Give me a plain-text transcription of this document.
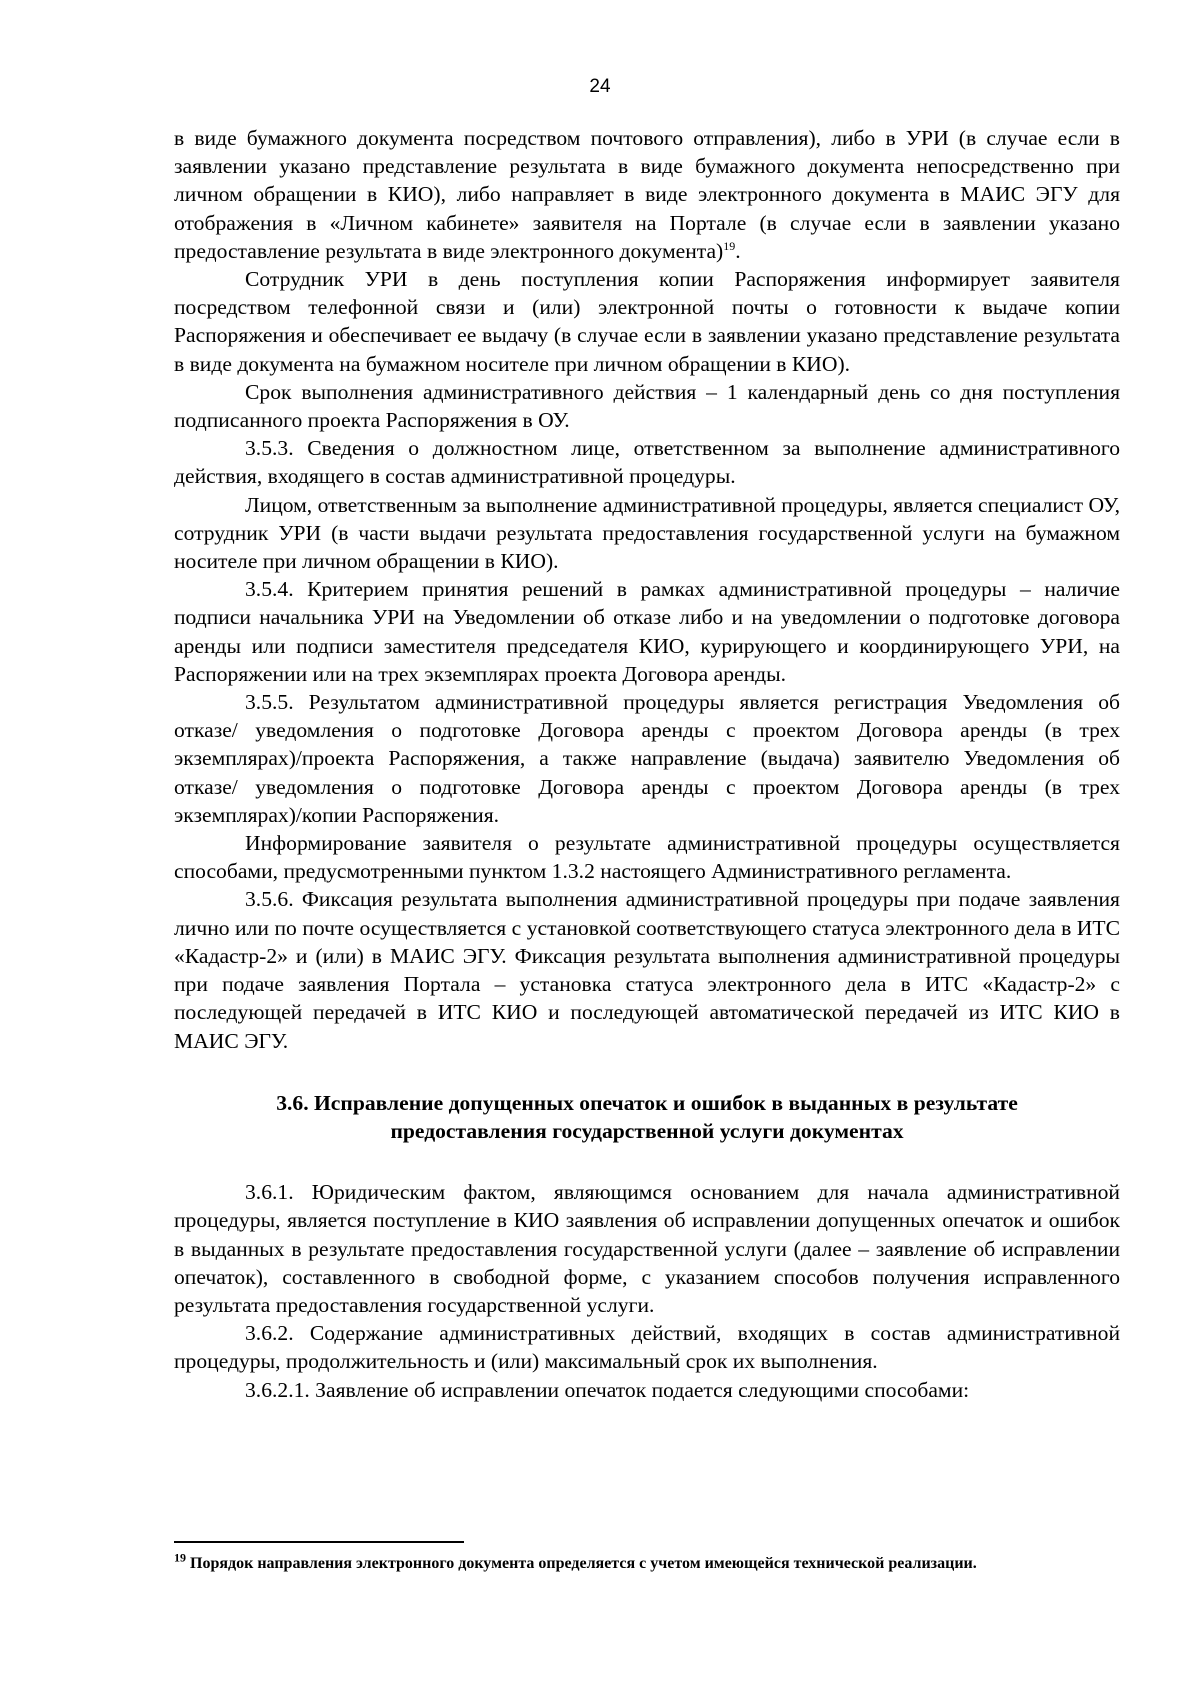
24

в виде бумажного документа посредством почтового отправления), либо в УРИ (в случае если в заявлении указано представление результата в виде бумажного документа непосредственно при личном обращении в КИО), либо направляет в виде электронного документа в МАИС ЭГУ для отображения в «Личном кабинете» заявителя на Портале (в случае если в заявлении указано предоставление результата в виде электронного документа)$^{19}$.

Сотрудник УРИ в день поступления копии Распоряжения информирует заявителя посредством телефонной связи и (или) электронной почты о готовности к выдаче копии Распоряжения и обеспечивает ее выдачу (в случае если в заявлении указано представление результата в виде документа на бумажном носителе при личном обращении в КИО).

Срок выполнения административного действия – 1 календарный день со дня поступления подписанного проекта Распоряжения в ОУ.

3.5.3. Сведения о должностном лице, ответственном за выполнение административного действия, входящего в состав административной процедуры.

Лицом, ответственным за выполнение административной процедуры, является специалист ОУ, сотрудник УРИ (в части выдачи результата предоставления государственной услуги на бумажном носителе при личном обращении в КИО).

3.5.4. Критерием принятия решений в рамках административной процедуры – наличие подписи начальника УРИ на Уведомлении об отказе либо и на уведомлении о подготовке договора аренды или подписи заместителя председателя КИО, курирующего и координирующего УРИ, на Распоряжении или на трех экземплярах проекта Договора аренды.

3.5.5. Результатом административной процедуры является регистрация Уведомления об отказе/ уведомления о подготовке Договора аренды с проектом Договора аренды (в трех экземплярах)/проекта Распоряжения, а также направление (выдача) заявителю Уведомления об отказе/ уведомления о подготовке Договора аренды с проектом Договора аренды (в трех экземплярах)/копии Распоряжения.

Информирование заявителя о результате административной процедуры осуществляется способами, предусмотренными пунктом 1.3.2 настоящего Административного регламента.

3.5.6. Фиксация результата выполнения административной процедуры при подаче заявления лично или по почте осуществляется с установкой соответствующего статуса электронного дела в ИТС «Кадастр-2» и (или) в МАИС ЭГУ. Фиксация результата выполнения административной процедуры при подаче заявления Портала – установка статуса электронного дела в ИТС «Кадастр-2» с последующей передачей в ИТС КИО и последующей автоматической передачей из ИТС КИО в МАИС ЭГУ.

3.6. Исправление допущенных опечаток и ошибок в выданных в результате
предоставления государственной услуги документах

3.6.1. Юридическим фактом, являющимся основанием для начала административной процедуры, является поступление в КИО заявления об исправлении допущенных опечаток и ошибок в выданных в результате предоставления государственной услуги (далее – заявление об исправлении опечаток), составленного в свободной форме, с указанием способов получения исправленного результата предоставления государственной услуги.

3.6.2. Содержание административных действий, входящих в состав административной процедуры, продолжительность и (или) максимальный срок их выполнения.

3.6.2.1. Заявление об исправлении опечаток подается следующими способами:

$^{19}$ Порядок направления электронного документа определяется с учетом имеющейся технической реализации.
